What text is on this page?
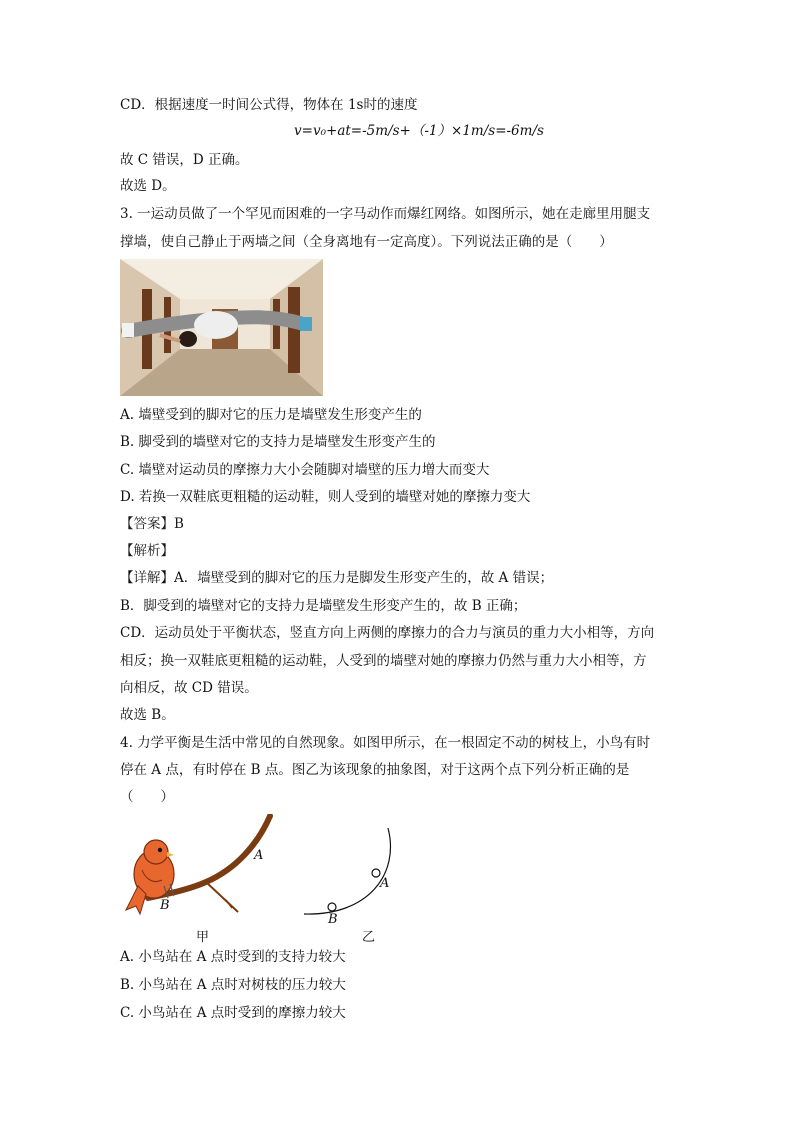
CD．根据速度一时间公式得，物体在 1s时的速度
v=v₀+at=-5m/s+（-1）×1m/s=-6m/s
故 C 错误，D 正确。
故选 D。
3. 一运动员做了一个罕见而困难的一字马动作而爆红网络。如图所示，她在走廊里用腿支
撑墙，使自己静止于两墙之间（全身离地有一定高度）。下列说法正确的是（　　）
A. 墙壁受到的脚对它的压力是墙壁发生形变产生的
B. 脚受到的墙壁对它的支持力是墙壁发生形变产生的
C. 墙壁对运动员的摩擦力大小会随脚对墙壁的压力增大而变大
D. 若换一双鞋底更粗糙的运动鞋，则人受到的墙壁对她的摩擦力变大
【答案】B
【解析】
【详解】A．墙壁受到的脚对它的压力是脚发生形变产生的，故 A 错误；
B．脚受到的墙壁对它的支持力是墙壁发生形变产生的，故 B 正确；
CD．运动员处于平衡状态，竖直方向上两侧的摩擦力的合力与演员的重力大小相等，方向
相反；换一双鞋底更粗糙的运动鞋，人受到的墙壁对她的摩擦力仍然与重力大小相等，方
向相反，故 CD 错误。
故选 B。
4. 力学平衡是生活中常见的自然现象。如图甲所示，在一根固定不动的树枝上，小鸟有时
停在 A 点，有时停在 B 点。图乙为该现象的抽象图，对于这两个点下列分析正确的是
（　　）
A
B
A
B
甲	乙
A. 小鸟站在 A 点时受到的支持力较大
B. 小鸟站在 A 点时对树枝的压力较大
C. 小鸟站在 A 点时受到的摩擦力较大
